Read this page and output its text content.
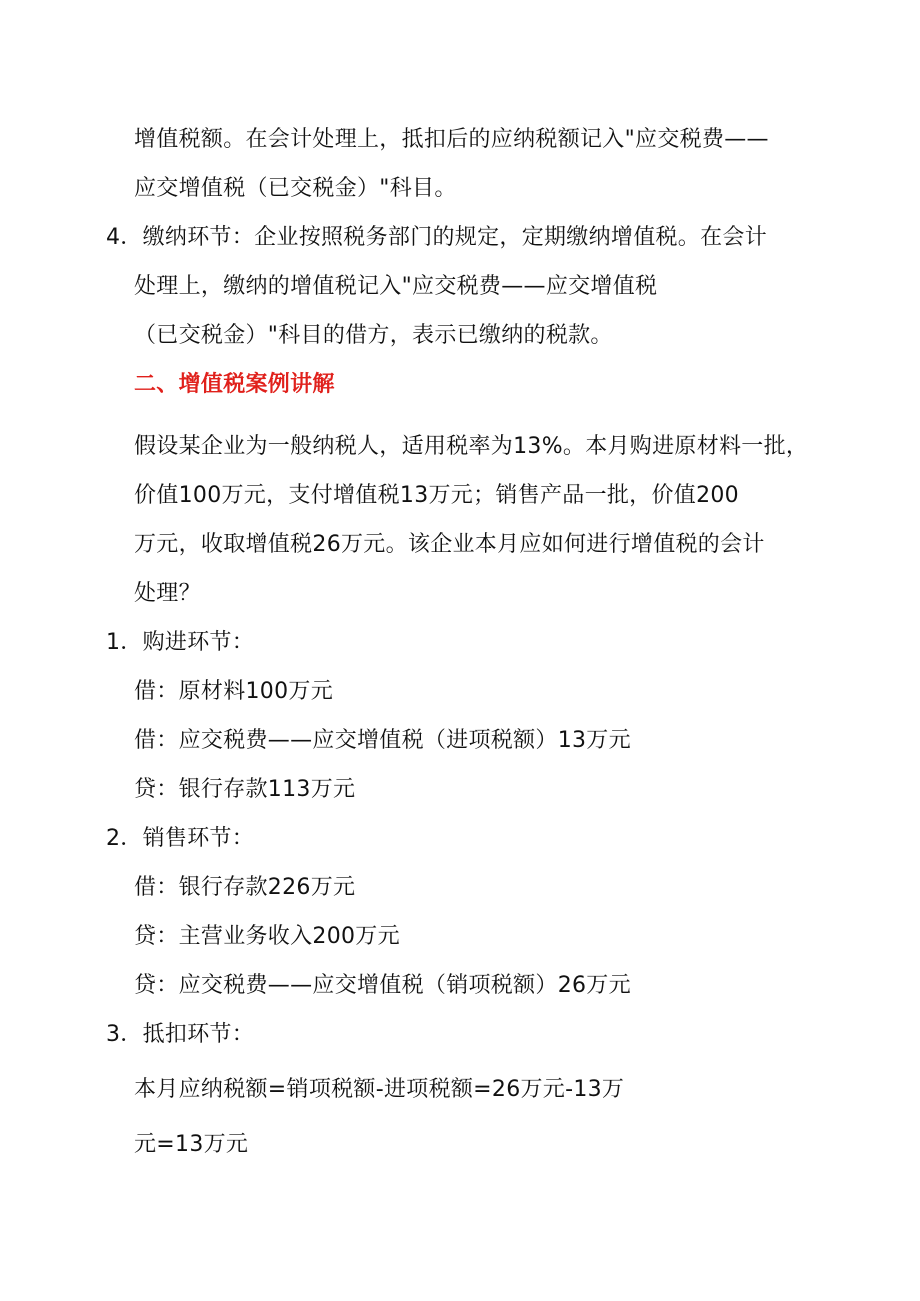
增值税额。在会计处理上，抵扣后的应纳税额记入"应交税费——
应交增值税（已交税金）"科目。
4．缴纳环节：企业按照税务部门的规定，定期缴纳增值税。在会计
处理上，缴纳的增值税记入"应交税费——应交增值税
（已交税金）"科目的借方，表示已缴纳的税款。
二、增值税案例讲解
假设某企业为一般纳税人，适用税率为13%。本月购进原材料一批，
价值100万元，支付增值税13万元；销售产品一批，价值200
万元，收取增值税26万元。该企业本月应如何进行增值税的会计
处理？
1．购进环节：
借：原材料100万元
借：应交税费——应交增值税（进项税额）13万元
贷：银行存款113万元
2．销售环节：
借：银行存款226万元
贷：主营业务收入200万元
贷：应交税费——应交增值税（销项税额）26万元
3．抵扣环节：
本月应纳税额=销项税额-进项税额=26万元-13万
元=13万元
